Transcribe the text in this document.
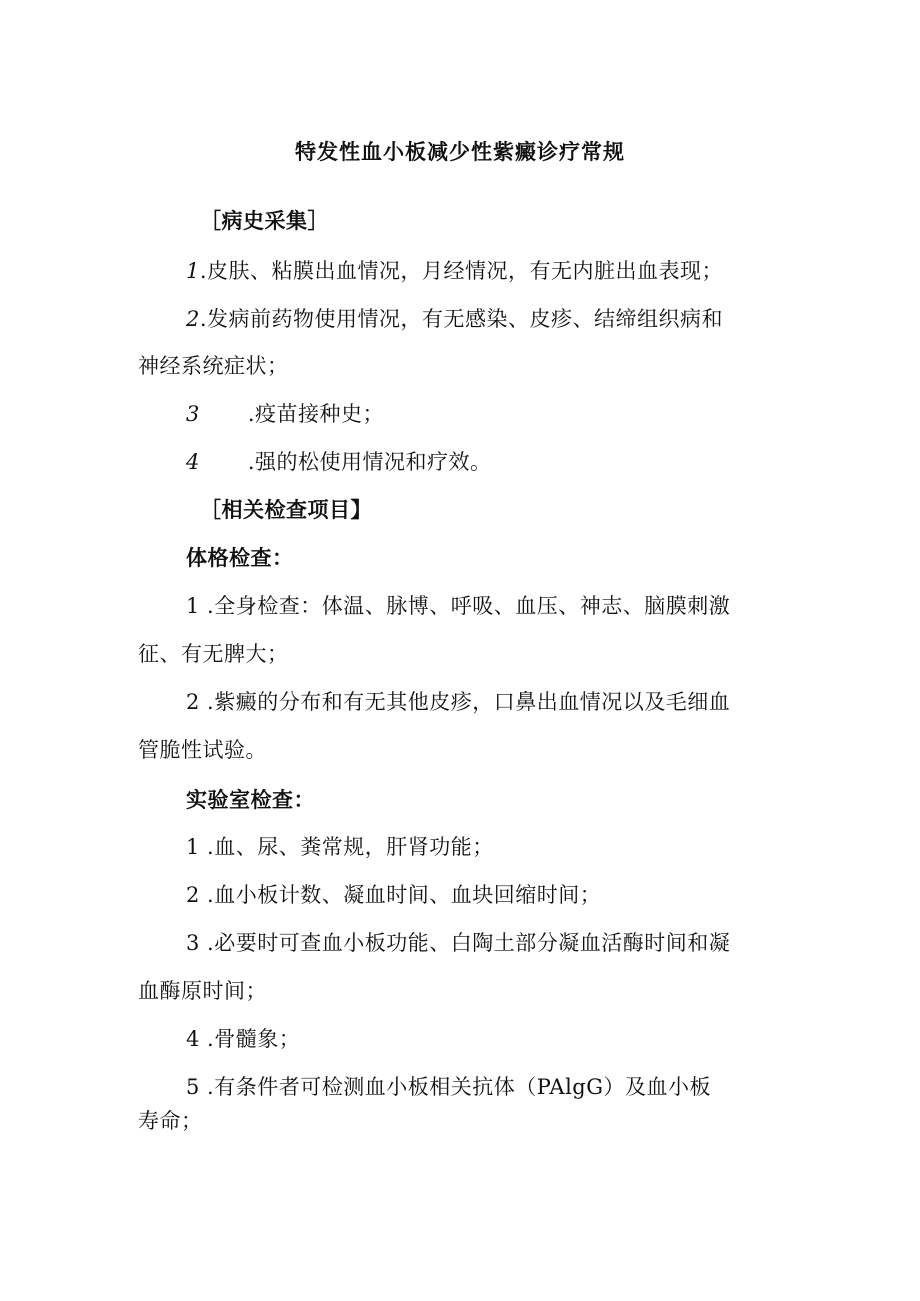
特发性血小板减少性紫癜诊疗常规
［病史采集］
1.皮肤、粘膜出血情况，月经情况，有无内脏出血表现；
2.发病前药物使用情况，有无感染、皮疹、结缔组织病和
神经系统症状；
3 .疫苗接种史；
4 .强的松使用情况和疗效。
［相关检查项目】
体格检查：
1 .全身检查：体温、脉博、呼吸、血压、神志、脑膜刺激
征、有无脾大；
2 .紫癜的分布和有无其他皮疹，口鼻出血情况以及毛细血
管脆性试验。
实验室检查：
1 .血、尿、粪常规，肝肾功能；
2 .血小板计数、凝血时间、血块回缩时间；
3 .必要时可查血小板功能、白陶土部分凝血活酶时间和凝
血酶原时间；
4 .骨髓象；
5 .有条件者可检测血小板相关抗体（PAlgG）及血小板
寿命；
